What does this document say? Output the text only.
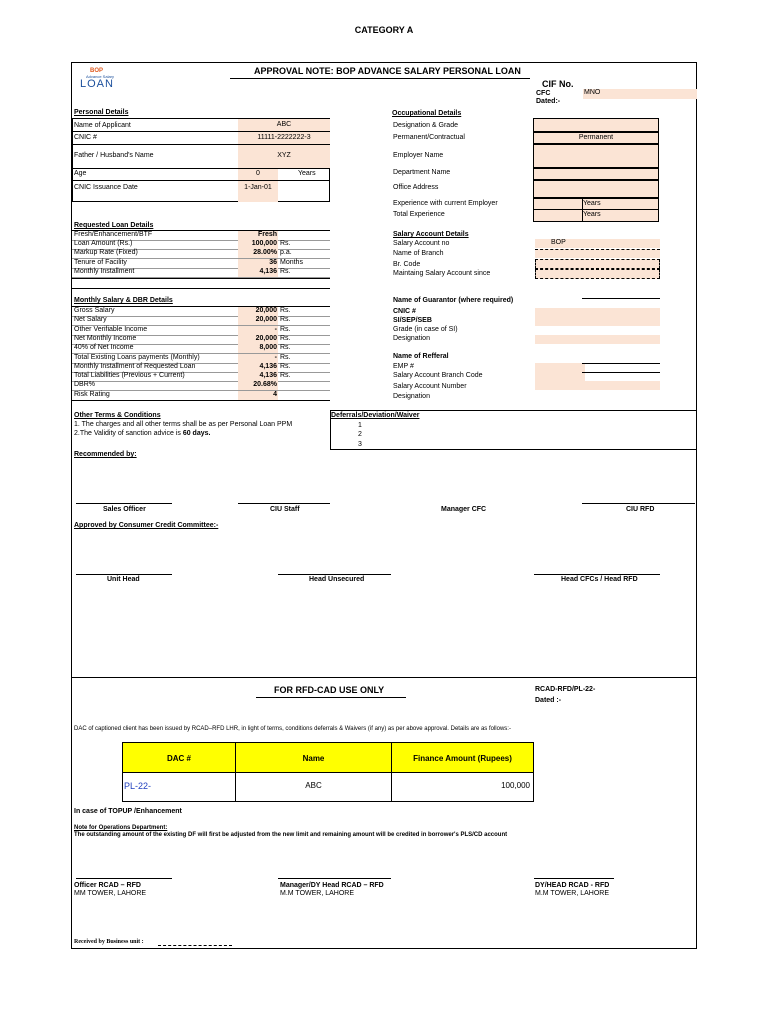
CATEGORY A
BOP
Advance Salary
LOAN
APPROVAL NOTE: BOP ADVANCE SALARY PERSONAL LOAN
CIF No.
CFC	MNO
Dated:-
Personal Details
Name of Applicant	ABC
CNIC #	11111-2222222-3
Father / Husband's Name	XYZ
Age	0	Years
CNIC Issuance Date	1-Jan-01
Occupational Details
Designation & Grade
Permanent/Contractual	Permanent
Employer Name
Department Name
Office Address
Experience with current Employer	Years
Total Experience	Years
Requested Loan Details
Fresh/Enhancement/BTF	Fresh
Loan Amount (Rs.)	100,000 Rs.
Markup Rate (Fixed)	28.00% p.a.
Tenure of Facility	36 Months
Monthly Installment	4,136 Rs.
Salary Account Details
Salary Account no	BOP
Name of Branch
Br. Code
Maintaing Salary Account since
Monthly Salary & DBR Details
Gross Salary	20,000 Rs.
Net Salary	20,000 Rs.
Other Verifiable Income	- Rs.
Net Monthly Income	20,000 Rs.
40% of Net Income	8,000 Rs.
Total Existing Loans payments (Monthly)	- Rs.
Monthly Installment of Requested Loan	4,136 Rs.
Total Liabilities (Previous + Current)	4,136 Rs.
DBR%	20.68%
Risk Rating	4
Name of Guarantor (where required)
CNIC #
SI/SEP/SEB
Grade (in case of SI)
Designation
Name of Refferal
EMP #
Salary Account Branch Code
Salary Account Number
Designation
Other Terms & Conditions
1. The charges and all other terms shall be as per Personal Loan PPM
2.The Validity of sanction advice is 60 days.
Deferrals/Deviation/Waiver
1
2
3
Recommended by:
Sales Officer	CIU Staff	Manager CFC	CIU RFD
Approved by Consumer Credit Committee:-
Unit Head	Head Unsecured	Head CFCs / Head RFD
FOR RFD-CAD USE ONLY	RCAD-RFD/PL-22-
Dated :-
DAC of captioned client has been issued by RCAD–RFD LHR, in light of terms, conditions deferrals & Waivers (if any) as per above approval. Details are as follows:-
DAC #	Name	Finance Amount (Rupees)
PL-22-	ABC	100,000
In case of TOPUP /Enhancement
Note for Operations Department:
The outstanding amount of the existing DF will first be adjusted from the new limit and remaining amount will be credited in borrower's PLS/CD account
Officer RCAD – RFD
MM TOWER, LAHORE
Manager/DY Head RCAD – RFD
M.M TOWER, LAHORE
DY/HEAD RCAD - RFD
M.M TOWER, LAHORE
Received by Business unit :
